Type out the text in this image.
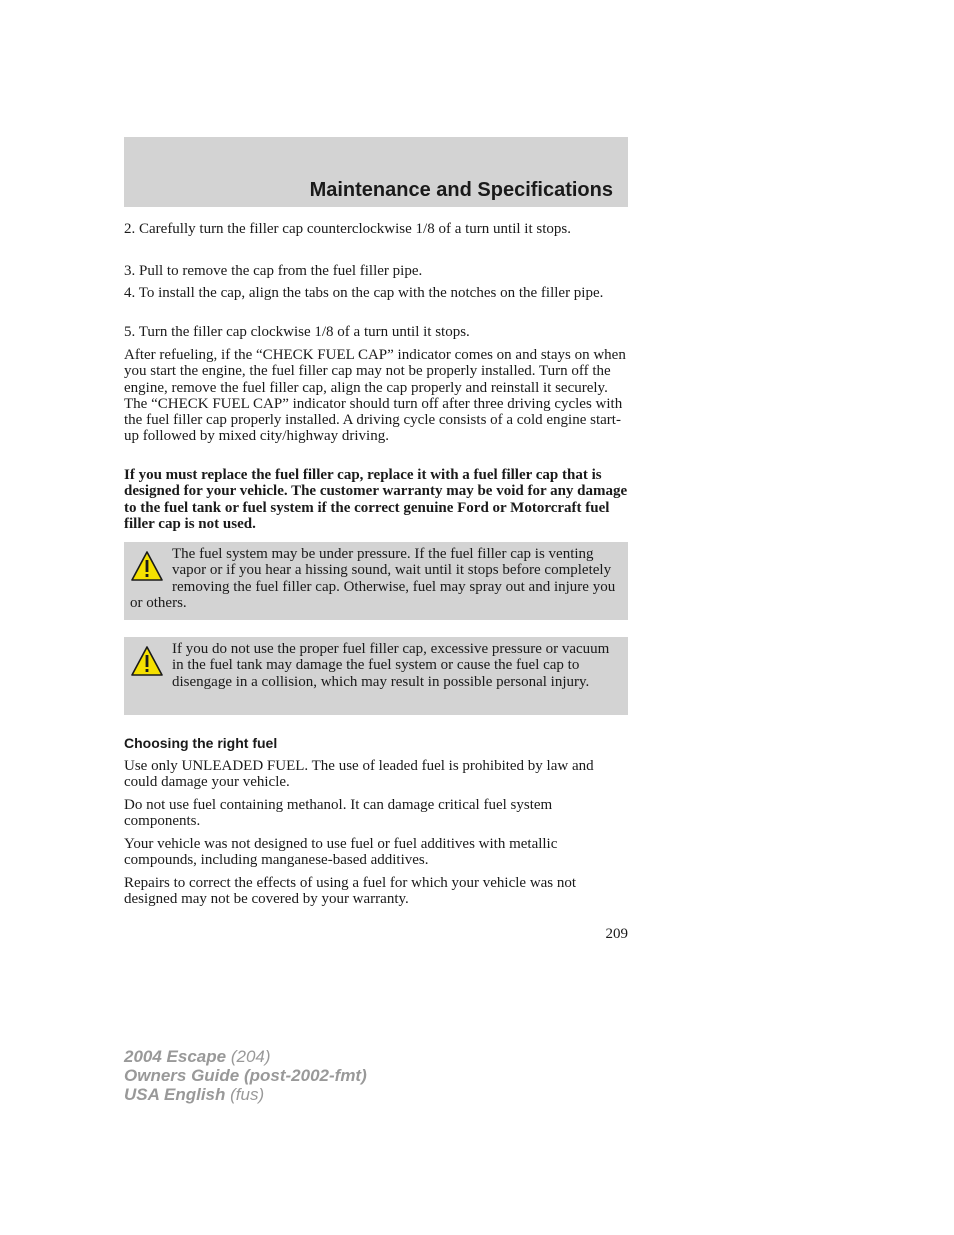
Maintenance and Specifications

2. Carefully turn the filler cap counterclockwise 1/8 of a turn until it stops.

3. Pull to remove the cap from the fuel filler pipe.

4. To install the cap, align the tabs on the cap with the notches on the filler pipe.

5. Turn the filler cap clockwise 1/8 of a turn until it stops.

After refueling, if the “CHECK FUEL CAP” indicator comes on and stays on when you start the engine, the fuel filler cap may not be properly installed. Turn off the engine, remove the fuel filler cap, align the cap properly and reinstall it securely. The “CHECK FUEL CAP” indicator should turn off after three driving cycles with the fuel filler cap properly installed. A driving cycle consists of a cold engine start-up followed by mixed city/highway driving.

If you must replace the fuel filler cap, replace it with a fuel filler cap that is designed for your vehicle. The customer warranty may be void for any damage to the fuel tank or fuel system if the correct genuine Ford or Motorcraft fuel filler cap is not used.

The fuel system may be under pressure. If the fuel filler cap is venting vapor or if you hear a hissing sound, wait until it stops before completely removing the fuel filler cap. Otherwise, fuel may spray out and injure you or others.

If you do not use the proper fuel filler cap, excessive pressure or vacuum in the fuel tank may damage the fuel system or cause the fuel cap to disengage in a collision, which may result in possible personal injury.

Choosing the right fuel

Use only UNLEADED FUEL. The use of leaded fuel is prohibited by law and could damage your vehicle.

Do not use fuel containing methanol. It can damage critical fuel system components.

Your vehicle was not designed to use fuel or fuel additives with metallic compounds, including manganese-based additives.

Repairs to correct the effects of using a fuel for which your vehicle was not designed may not be covered by your warranty.

209
2004 Escape (204)
Owners Guide (post-2002-fmt)
USA English (fus)
